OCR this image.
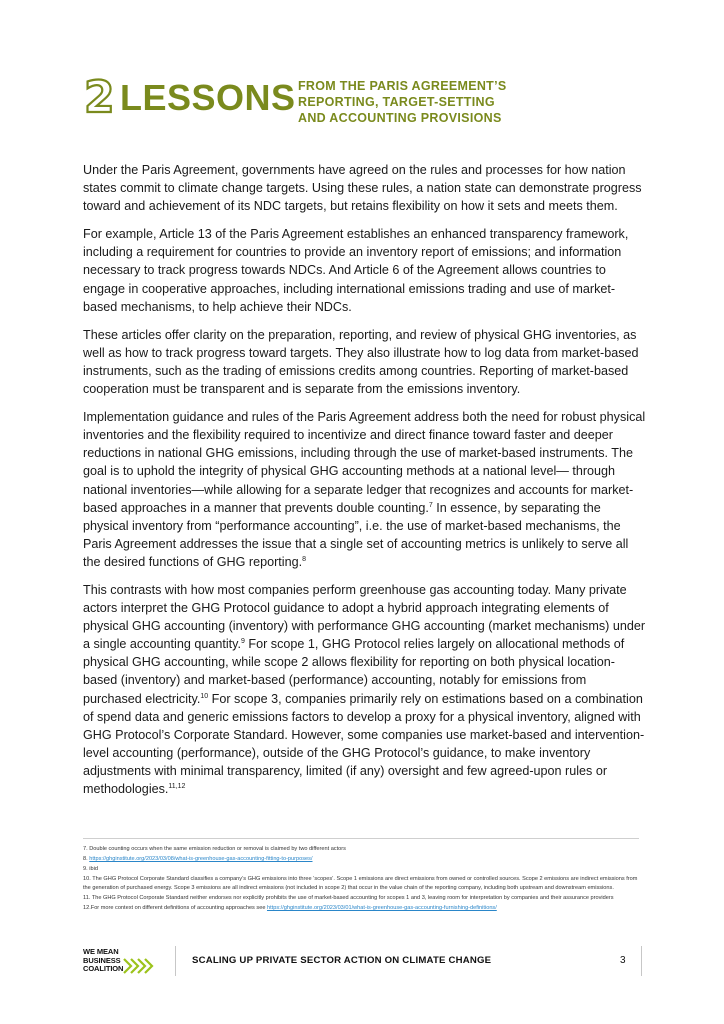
2 LESSONS FROM THE PARIS AGREEMENT’S
REPORTING, TARGET-SETTING
AND ACCOUNTING PROVISIONS

Under the Paris Agreement, governments have agreed on the rules and processes for how nation states commit to climate change targets. Using these rules, a nation state can demonstrate progress toward and achievement of its NDC targets, but retains flexibility on how it sets and meets them.

For example, Article 13 of the Paris Agreement establishes an enhanced transparency framework, including a requirement for countries to provide an inventory report of emissions; and information necessary to track progress towards NDCs. And Article 6 of the Agreement allows countries to engage in cooperative approaches, including international emissions trading and use of market-based mechanisms, to help achieve their NDCs.

These articles offer clarity on the preparation, reporting, and review of physical GHG inventories, as well as how to track progress toward targets. They also illustrate how to log data from market-based instruments, such as the trading of emissions credits among countries. Reporting of market-based cooperation must be transparent and is separate from the emissions inventory.

Implementation guidance and rules of the Paris Agreement address both the need for robust physical inventories and the flexibility required to incentivize and direct finance toward faster and deeper reductions in national GHG emissions, including through the use of market-based instruments. The goal is to uphold the integrity of physical GHG accounting methods at a national level— through national inventories—while allowing for a separate ledger that recognizes and accounts for market-based approaches in a manner that prevents double counting.$^7$ In essence, by separating the physical inventory from “performance accounting”, i.e. the use of market-based mechanisms, the Paris Agreement addresses the issue that a single set of accounting metrics is unlikely to serve all the desired functions of GHG reporting.$^8$

This contrasts with how most companies perform greenhouse gas accounting today. Many private actors interpret the GHG Protocol guidance to adopt a hybrid approach integrating elements of physical GHG accounting (inventory) with performance GHG accounting (market mechanisms) under a single accounting quantity.$^9$ For scope 1, GHG Protocol relies largely on allocational methods of physical GHG accounting, while scope 2 allows flexibility for reporting on both physical location-based (inventory) and market-based (performance) accounting, notably for emissions from purchased electricity.$^{10}$ For scope 3, companies primarily rely on estimations based on a combination of spend data and generic emissions factors to develop a proxy for a physical inventory, aligned with GHG Protocol’s Corporate Standard. However, some companies use market-based and intervention-level accounting (performance), outside of the GHG Protocol’s guidance, to make inventory adjustments with minimal transparency, limited (if any) oversight and few agreed-upon rules or methodologies.$^{11,12}$

7. Double counting occurs when the same emission reduction or removal is claimed by two different actors
8. https://ghginstitute.org/2023/03/08/what-is-greenhouse-gas-accounting-fitting-to-purposes/
9. ibid
10. The GHG Protocol Corporate Standard classifies a company’s GHG emissions into three ‘scopes’. Scope 1 emissions are direct emissions from owned or controlled sources. Scope 2 emissions are indirect emissions from the generation of purchased energy. Scope 3 emissions are all indirect emissions (not included in scope 2) that occur in the value chain of the reporting company, including both upstream and downstream emissions.
11. The GHG Protocol Corporate Standard neither endorses nor explicitly prohibits the use of market-based accounting for scopes 1 and 3, leaving room for interpretation by companies and their assurance providers
12.For more context on different definitions of accounting approaches see https://ghginstitute.org/2023/03/01/what-is-greenhouse-gas-accounting-furnishing-definitions/
WE MEAN
BUSINESS
COALITION
SCALING UP PRIVATE SECTOR ACTION ON CLIMATE CHANGE	3
